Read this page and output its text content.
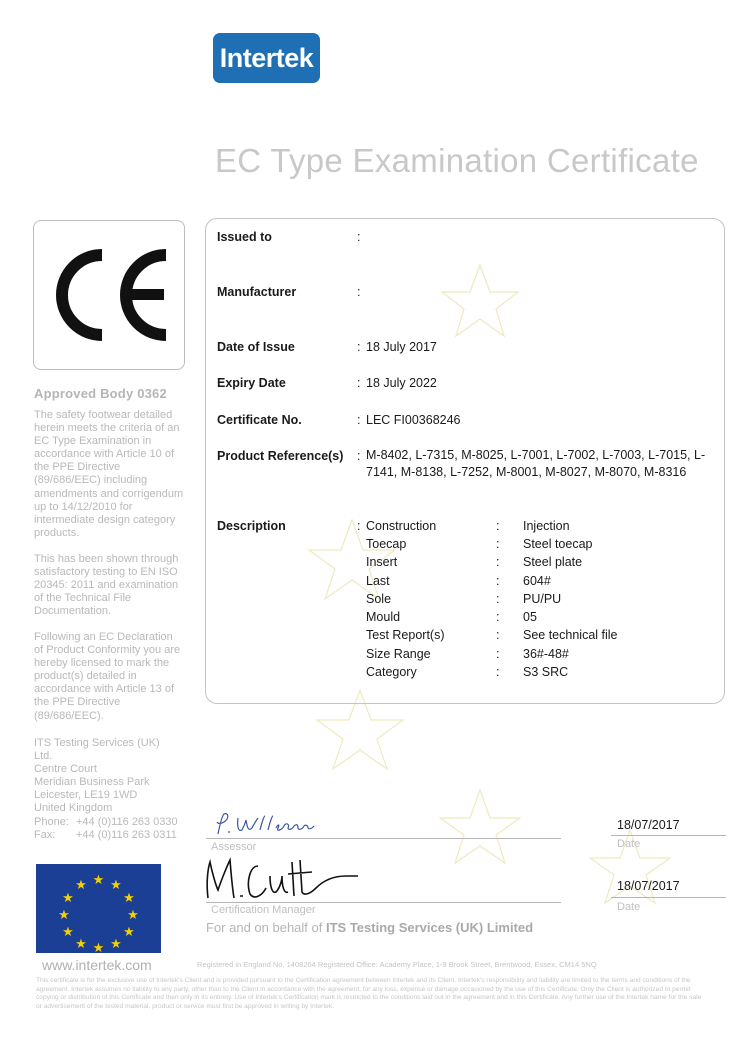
Intertek
EC Type Examination Certificate
Approved Body 0362
The safety footwear detailed herein meets the criteria of an EC Type Examination in accordance with Article 10 of the PPE Directive (89/686/EEC) including amendments and corrigendum up to 14/12/2010 for intermediate design category products.
This has been shown through satisfactory testing to EN ISO 20345: 2011 and examination of the Technical File Documentation.
Following an EC Declaration of Product Conformity you are hereby licensed to mark the product(s) detailed in accordance with Article 13 of the PPE Directive (89/686/EEC).
ITS Testing Services (UK)
Ltd.
Centre Court
Meridian Business Park
Leicester, LE19 1WD
United Kingdom
Phone: +44 (0)116 263 0330
Fax:	+44 (0)116 263 0311
★ ★
★
★
★
★
★
★
★
★
★
★
www.intertek.com
Issued to	:
Manufacturer	:
Date of Issue	: 18 July 2017
Expiry Date	: 18 July 2022
Certificate No.	: LEC FI00368246
Product Reference(s) : M-8402, L-7315, M-8025, L-7001, L-7002, L-7003, L-7015, L-7141, M-8138, L-7252, M-8001, M-8027, M-8070, M-8316
Description	: Construction	: Injection
Toecap	: Steel toecap
Insert	: Steel plate
Last	: 604#
Sole	: PU/PU
Mould	: 05
Test Report(s)	: See technical file
Size Range	: 36#-48#
Category	: S3 SRC
Assessor
18/07/2017
Date
Certification Manager
18/07/2017
Date
For and on behalf of ITS Testing Services (UK) Limited
Registered in England No. 1408264 Registered Office: Academy Place, 1-9 Brook Street, Brentwood, Essex, CM14 5NQ
This certificate is for the exclusive use of Intertek's Client and is provided pursuant to the Certification agreement between Intertek and its Client. Intertek's responsibility and liability are limited to the terms and conditions of the agreement. Intertek assumes no liability to any party, other than to the Client in accordance with the agreement, for any loss, expense or damage occasioned by the use of this Certificate. Only the Client is authorized to permit copying or distribution of this Certificate and then only in its entirety. Use of Intertek's Certification mark is restricted to the conditions laid out in the agreement and in this Certificate. Any further use of the Intertek name for the sale or advertisement of the tested material, product or service must first be approved in writing by Intertek.
